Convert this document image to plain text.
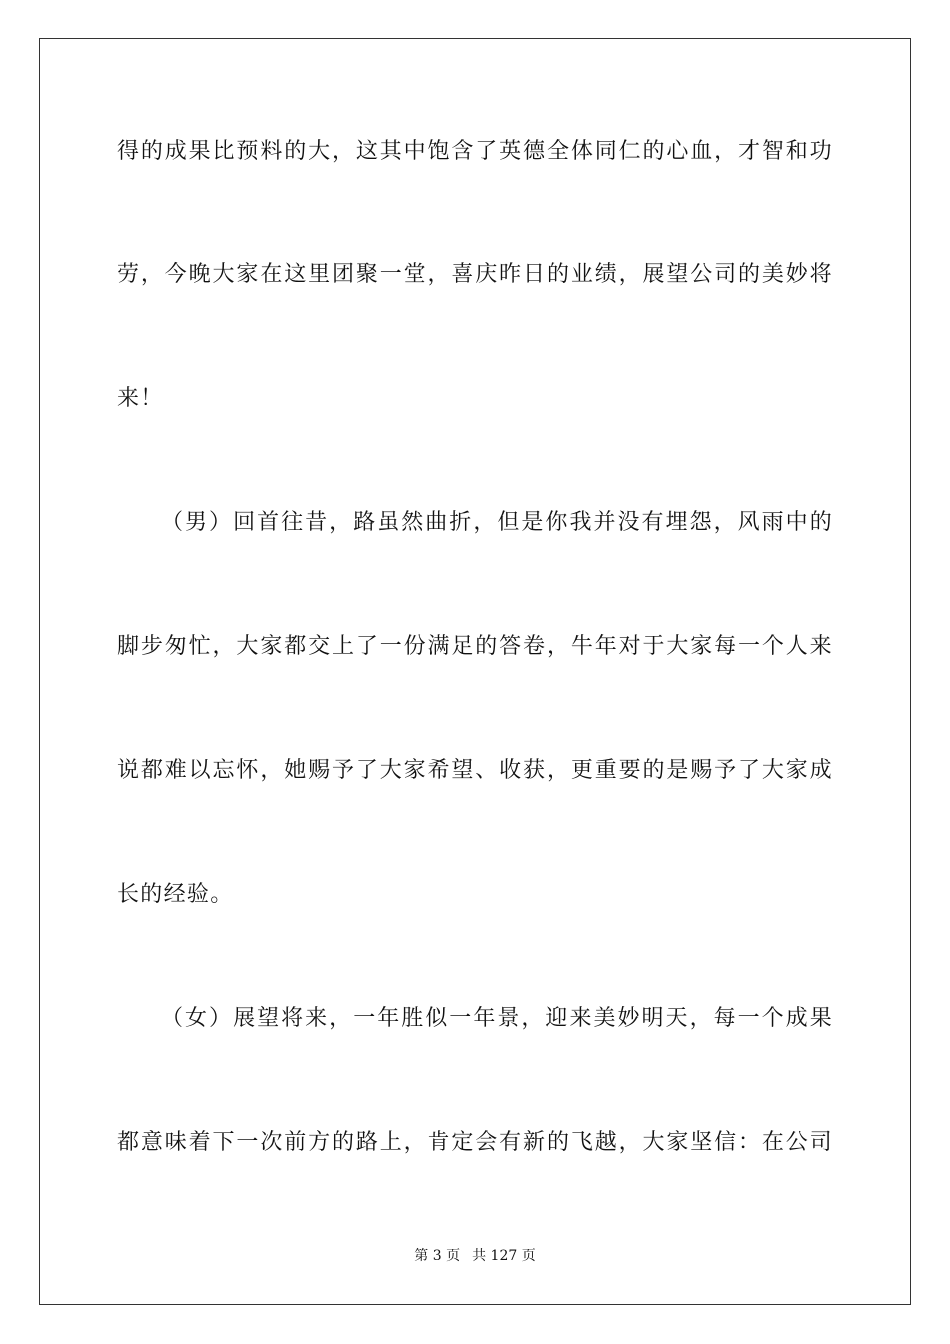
得的成果比预料的大，这其中饱含了英德全体同仁的心血，才智和功
劳，今晚大家在这里团聚一堂，喜庆昨日的业绩，展望公司的美妙将
来！
（男）回首往昔，路虽然曲折，但是你我并没有埋怨，风雨中的
脚步匆忙，大家都交上了一份满足的答卷，牛年对于大家每一个人来
说都难以忘怀，她赐予了大家希望、收获，更重要的是赐予了大家成
长的经验。
（女）展望将来，一年胜似一年景，迎来美妙明天，每一个成果
都意味着下一次前方的路上，肯定会有新的飞越，大家坚信：在公司
第 3 页 共 127 页
